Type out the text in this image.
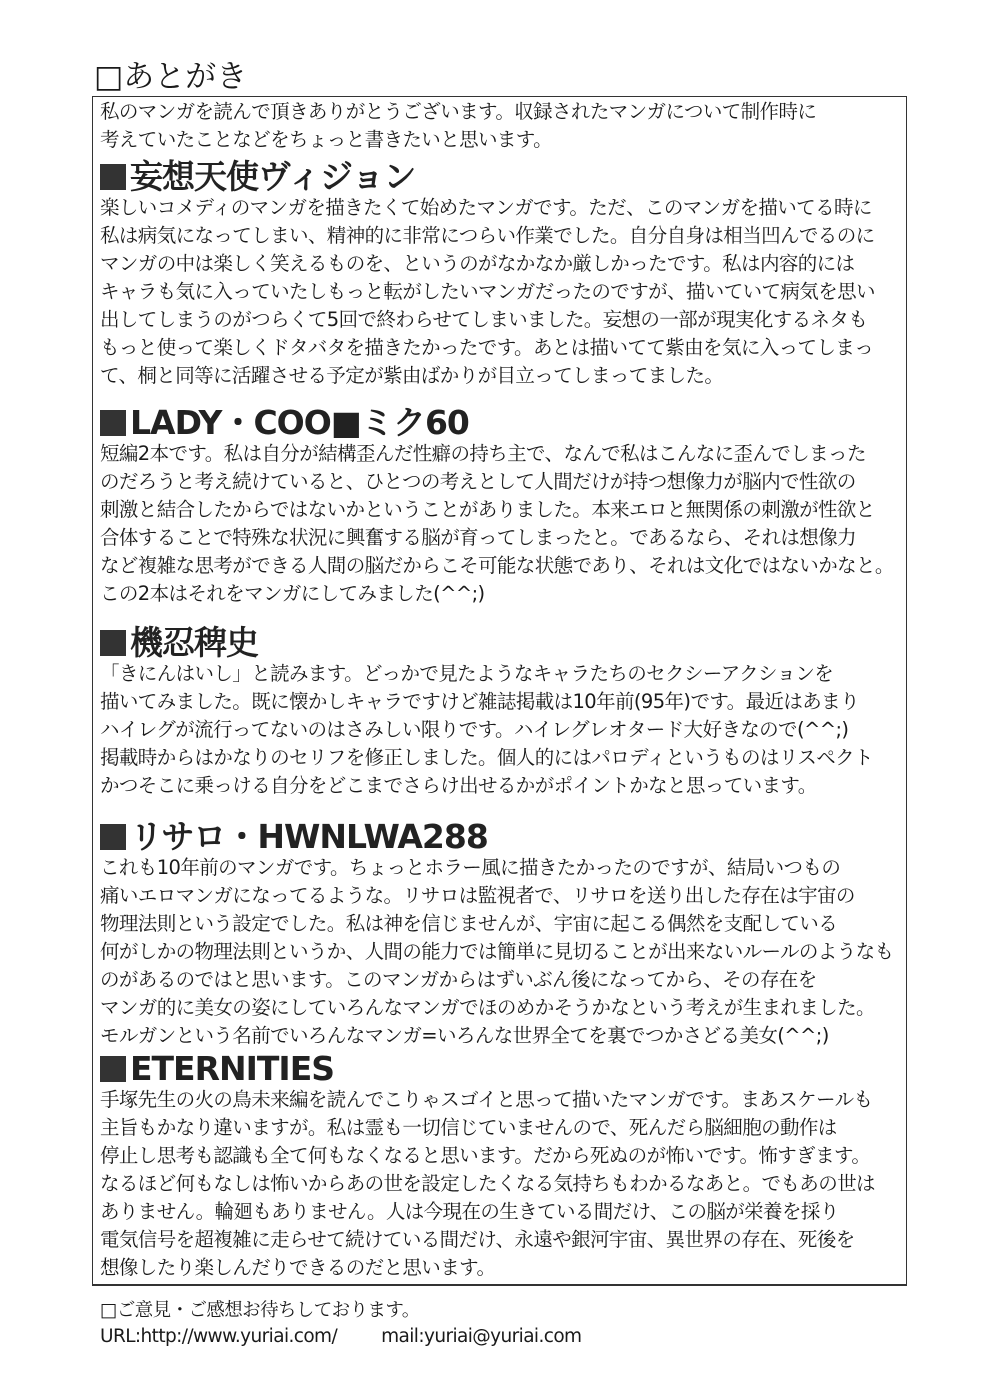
□あとがき
私のマンガを読んで頂きありがとうございます。収録されたマンガについて制作時に
考えていたことなどをちょっと書きたいと思います。
妄想天使ヴィジョン
楽しいコメディのマンガを描きたくて始めたマンガです。ただ、このマンガを描いてる時に
私は病気になってしまい、精神的に非常につらい作業でした。自分自身は相当凹んでるのに
マンガの中は楽しく笑えるものを、というのがなかなか厳しかったです。私は内容的には
キャラも気に入っていたしもっと転がしたいマンガだったのですが、描いていて病気を思い
出してしまうのがつらくて5回で終わらせてしまいました。妄想の一部が現実化するネタも
もっと使って楽しくドタバタを描きたかったです。あとは描いてて紫由を気に入ってしまっ
て、桐と同等に活躍させる予定が紫由ばかりが目立ってしまってました。
LADY・COO■ミク60
短編2本です。私は自分が結構歪んだ性癖の持ち主で、なんで私はこんなに歪んでしまった
のだろうと考え続けていると、ひとつの考えとして人間だけが持つ想像力が脳内で性欲の
刺激と結合したからではないかということがありました。本来エロと無関係の刺激が性欲と
合体することで特殊な状況に興奮する脳が育ってしまったと。であるなら、それは想像力
など複雑な思考ができる人間の脳だからこそ可能な状態であり、それは文化ではないかなと。
この2本はそれをマンガにしてみました(^^;)
機忍稗史
「きにんはいし」と読みます。どっかで見たようなキャラたちのセクシーアクションを
描いてみました。既に懐かしキャラですけど雑誌掲載は10年前(95年)です。最近はあまり
ハイレグが流行ってないのはさみしい限りです。ハイレグレオタード大好きなので(^^;)
掲載時からはかなりのセリフを修正しました。個人的にはパロディというものはリスペクト
かつそこに乗っける自分をどこまでさらけ出せるかがポイントかなと思っています。
リサロ・HWNLWA288
これも10年前のマンガです。ちょっとホラー風に描きたかったのですが、結局いつもの
痛いエロマンガになってるような。リサロは監視者で、リサロを送り出した存在は宇宙の
物理法則という設定でした。私は神を信じませんが、宇宙に起こる偶然を支配している
何がしかの物理法則というか、人間の能力では簡単に見切ることが出来ないルールのようなも
のがあるのではと思います。このマンガからはずいぶん後になってから、その存在を
マンガ的に美女の姿にしていろんなマンガでほのめかそうかなという考えが生まれました。
モルガンという名前でいろんなマンガ=いろんな世界全てを裏でつかさどる美女(^^;)
ETERNITIES
手塚先生の火の鳥未来編を読んでこりゃスゴイと思って描いたマンガです。まあスケールも
主旨もかなり違いますが。私は霊も一切信じていませんので、死んだら脳細胞の動作は
停止し思考も認識も全て何もなくなると思います。だから死ぬのが怖いです。怖すぎます。
なるほど何もなしは怖いからあの世を設定したくなる気持ちもわかるなあと。でもあの世は
ありません。輪廻もありません。人は今現在の生きている間だけ、この脳が栄養を採り
電気信号を超複雑に走らせて続けている間だけ、永遠や銀河宇宙、異世界の存在、死後を
想像したり楽しんだりできるのだと思います。
□ご意見・ご感想お待ちしております。
URL:http://www.yuriai.com/ mail:yuriai@yuriai.com
